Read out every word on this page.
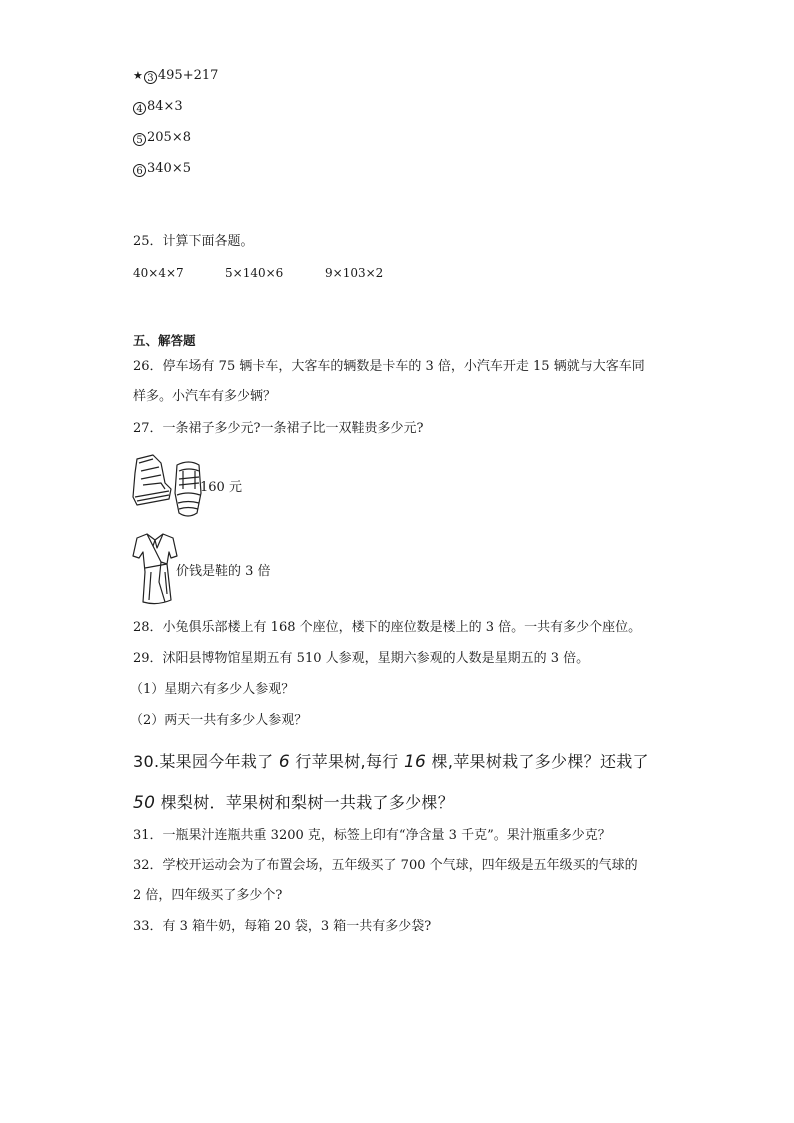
★ 3 495+217
4 84×3
5 205×8
6 340×5
25．计算下面各题。
40×4×7	5×140×6	9×103×2
五、解答题
26．停车场有 75 辆卡车，大客车的辆数是卡车的 3 倍，小汽车开走 15 辆就与大客车同
样多。小汽车有多少辆？
27．一条裙子多少元?一条裙子比一双鞋贵多少元?
160 元
价钱是鞋的 3 倍
28．小兔俱乐部楼上有 168 个座位，楼下的座位数是楼上的 3 倍。一共有多少个座位。
29．沭阳县博物馆星期五有 510 人参观，星期六参观的人数是星期五的 3 倍。
（1）星期六有多少人参观？
（2）两天一共有多少人参观？
30.某果园今年栽了 6 行苹果树,每行 16 棵,苹果树栽了多少棵？还栽了
50 棵梨树．苹果树和梨树一共栽了多少棵？
31．一瓶果汁连瓶共重 3200 克，标签上印有“净含量 3 千克”。果汁瓶重多少克？
32．学校开运动会为了布置会场，五年级买了 700 个气球，四年级是五年级买的气球的
2 倍，四年级买了多少个?
33．有 3 箱牛奶，每箱 20 袋，3 箱一共有多少袋?
